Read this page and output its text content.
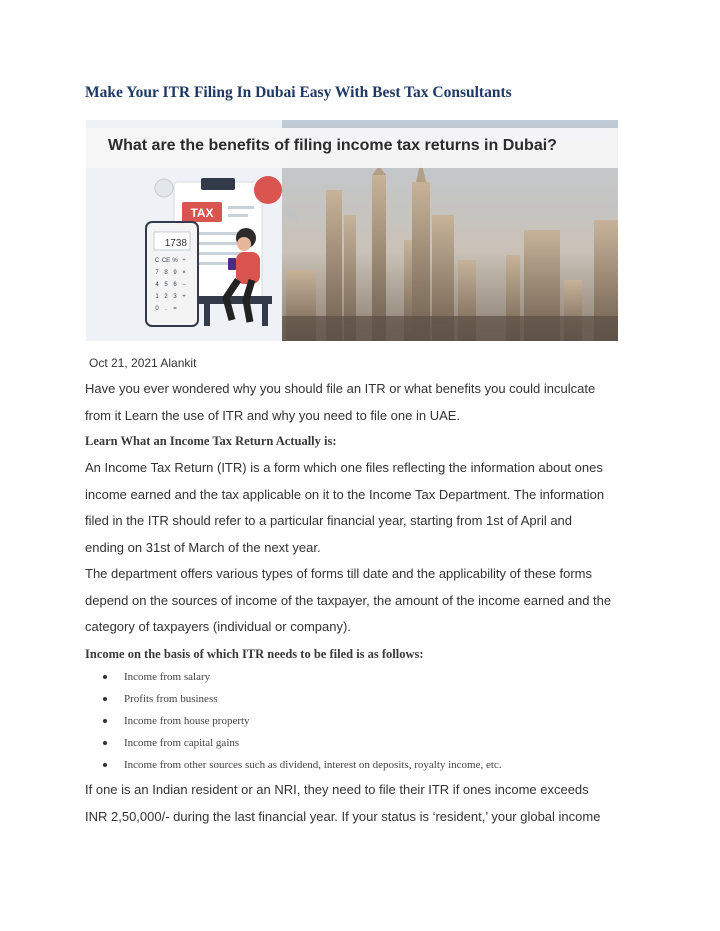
Make Your ITR Filing In Dubai Easy With Best Tax Consultants
TAX	%
1738
C CE % ÷
7 8 9 ×
4 5 6 −
1 2 3 +
0 . =
What are the benefits of filing income tax returns in Dubai?
Oct 21, 2021 Alankit
Have you ever wondered why you should file an ITR or what benefits you could inculcate
from it Learn the use of ITR and why you need to file one in UAE.
Learn What an Income Tax Return Actually is:
An Income Tax Return (ITR) is a form which one files reflecting the information about ones
income earned and the tax applicable on it to the Income Tax Department. The information
filed in the ITR should refer to a particular financial year, starting from 1st of April and
ending on 31st of March of the next year.
The department offers various types of forms till date and the applicability of these forms
depend on the sources of income of the taxpayer, the amount of the income earned and the
category of taxpayers (individual or company).
Income on the basis of which ITR needs to be filed is as follows:
Income from salary
Profits from business
Income from house property
Income from capital gains
Income from other sources such as dividend, interest on deposits, royalty income, etc.
If one is an Indian resident or an NRI, they need to file their ITR if ones income exceeds
INR 2,50,000/- during the last financial year. If your status is ‘resident,’ your global income
